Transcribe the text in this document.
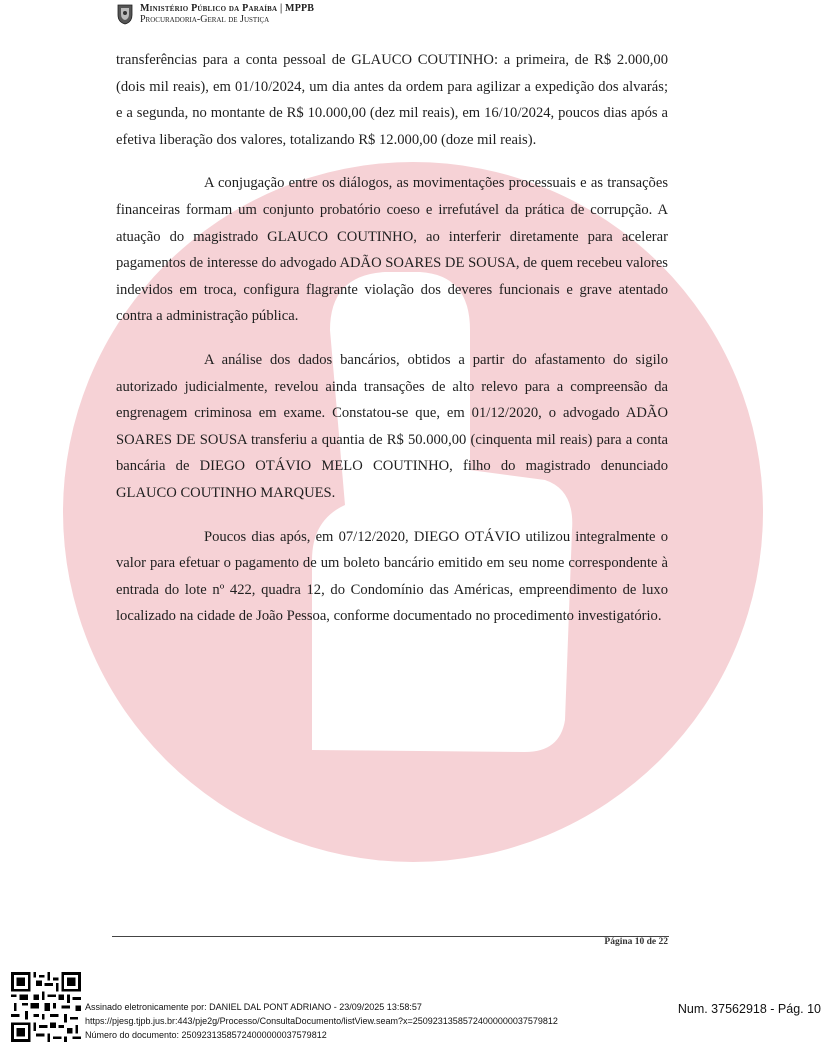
Ministério Público da Paraíba | MPPB
Procuradoria-Geral de Justiça

transferências para a conta pessoal de GLAUCO COUTINHO: a primeira, de R$ 2.000,00 (dois mil reais), em 01/10/2024, um dia antes da ordem para agilizar a expedição dos alvarás; e a segunda, no montante de R$ 10.000,00 (dez mil reais), em 16/10/2024, poucos dias após a efetiva liberação dos valores, totalizando R$ 12.000,00 (doze mil reais).

A conjugação entre os diálogos, as movimentações processuais e as transações financeiras formam um conjunto probatório coeso e irrefutável da prática de corrupção. A atuação do magistrado GLAUCO COUTINHO, ao interferir diretamente para acelerar pagamentos de interesse do advogado ADÃO SOARES DE SOUSA, de quem recebeu valores indevidos em troca, configura flagrante violação dos deveres funcionais e grave atentado contra a administração pública.

A análise dos dados bancários, obtidos a partir do afastamento do sigilo autorizado judicialmente, revelou ainda transações de alto relevo para a compreensão da engrenagem criminosa em exame. Constatou-se que, em 01/12/2020, o advogado ADÃO SOARES DE SOUSA transferiu a quantia de R$ 50.000,00 (cinquenta mil reais) para a conta bancária de DIEGO OTÁVIO MELO COUTINHO, filho do magistrado denunciado GLAUCO COUTINHO MARQUES.

Poucos dias após, em 07/12/2020, DIEGO OTÁVIO utilizou integralmente o valor para efetuar o pagamento de um boleto bancário emitido em seu nome correspondente à entrada do lote nº 422, quadra 12, do Condomínio das Américas, empreendimento de luxo localizado na cidade de João Pessoa, conforme documentado no procedimento investigatório.

Página 10 de 22
Assinado eletronicamente por: DANIEL DAL PONT ADRIANO - 23/09/2025 13:58:57
https://pjesg.tjpb.jus.br:443/pje2g/Processo/ConsultaDocumento/listView.seam?x=25092313585724000000037579812
Número do documento: 25092313585724000000037579812
Num. 37562918 - Pág. 10
